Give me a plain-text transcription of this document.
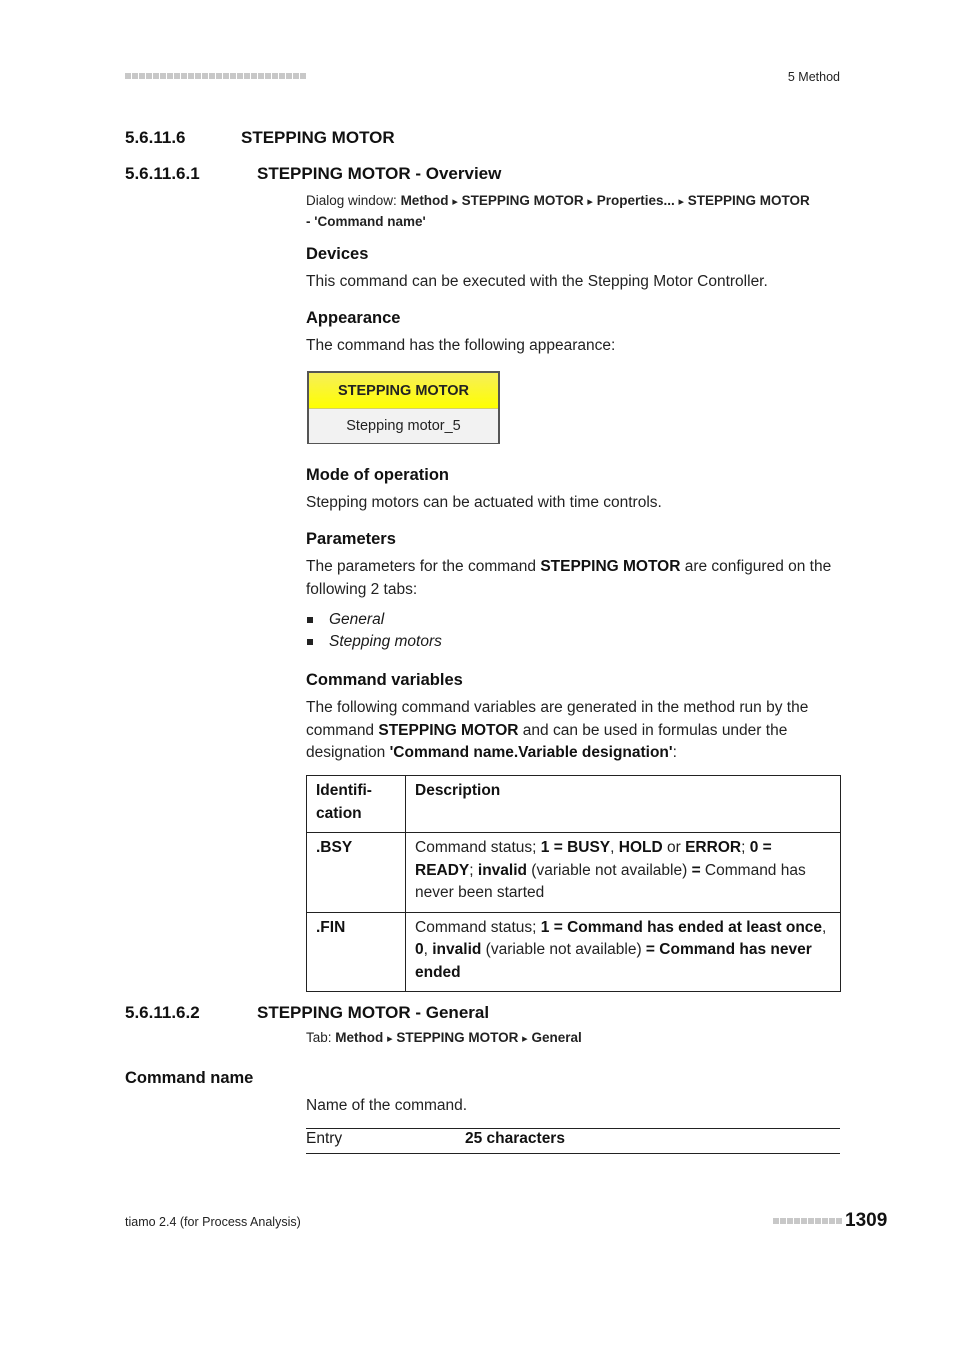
5 Method
5.6.11.6	STEPPING MOTOR
5.6.11.6.1	STEPPING MOTOR - Overview
Dialog window: Method ▸ STEPPING MOTOR ▸ Properties... ▸ STEPPING MOTOR
- 'Command name'
Devices
This command can be executed with the Stepping Motor Controller.
Appearance
The command has the following appearance:
STEPPING MOTOR
Stepping motor_5
Mode of operation
Stepping motors can be actuated with time controls.
Parameters
The parameters for the command STEPPING MOTOR are configured on the following 2 tabs:
General
Stepping motors
Command variables
The following command variables are generated in the method run by the command STEPPING MOTOR and can be used in formulas under the designation 'Command name.Variable designation':
Identifi-
cation	Description
.BSY	Command status; 1 = BUSY, HOLD or ERROR; 0 = READY; invalid (variable not available) = Command has never been started
.FIN	Command status; 1 = Command has ended at least once, 0, invalid (variable not available) = Command has never ended
5.6.11.6.2	STEPPING MOTOR - General
Tab: Method ▸ STEPPING MOTOR ▸ General
Command name
Name of the command.
Entry	25 characters
tiamo 2.4 (for Process Analysis)	1309
